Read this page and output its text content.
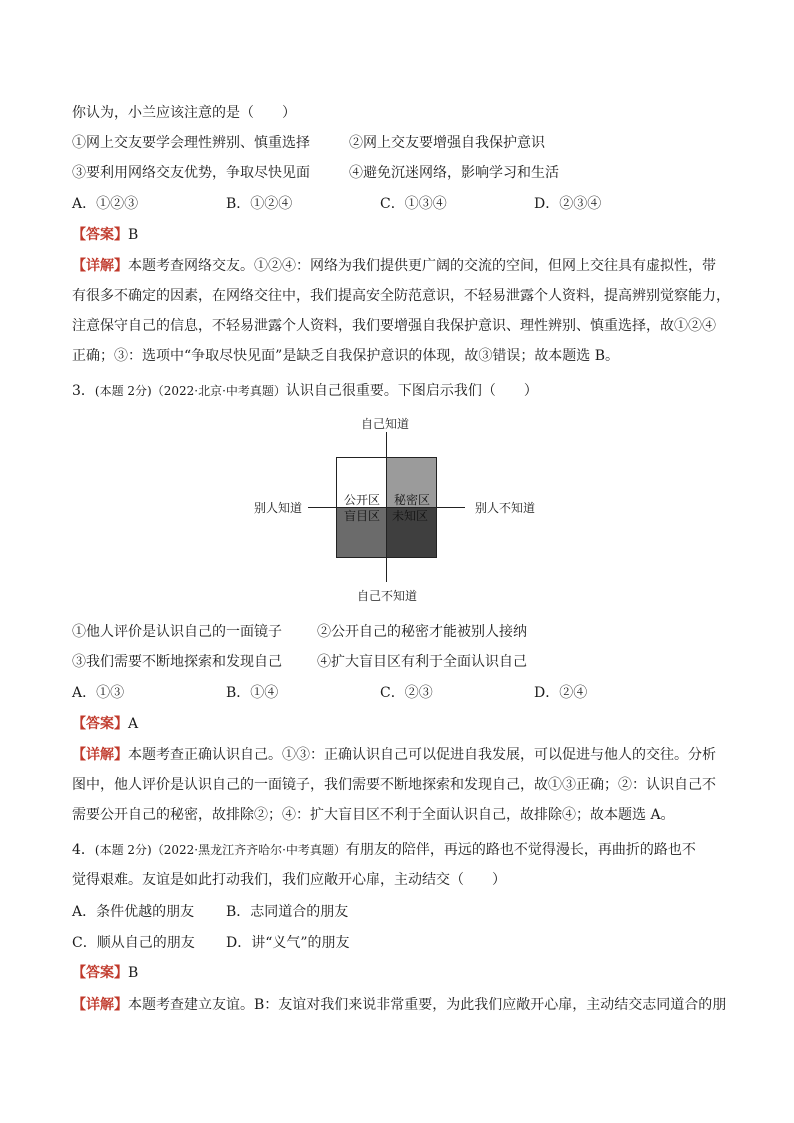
你认为，小兰应该注意的是（　　）
①网上交友要学会理性辨别、慎重选择	②网上交友要增强自我保护意识
③要利用网络交友优势，争取尽快见面	④避免沉迷网络，影响学习和生活
A．①②③	B．①②④	C．①③④	D．②③④
【答案】B

【详解】本题考查网络交友。①②④：网络为我们提供更广阔的交流的空间，但网上交往具有虚拟性，带

有很多不确定的因素，在网络交往中，我们提高安全防范意识，不轻易泄露个人资料，提高辨别觉察能力，

注意保守自己的信息，不轻易泄露个人资料，我们要增强自我保护意识、理性辨别、慎重选择，故①②④

正确；③：选项中“争取尽快见面”是缺乏自我保护意识的体现，故③错误；故本题选 B。

3．(本题 2分)（2022·北京·中考真题）认识自己很重要。下图启示我们（　　）
公开区 秘密区
盲目区 未知区
自己知道
自己不知道
别人知道	别人不知道
①他人评价是认识自己的一面镜子	②公开自己的秘密才能被别人接纳
③我们需要不断地探索和发现自己	④扩大盲目区有利于全面认识自己
A．①③	B．①④	C．②③	D．②④
【答案】A

【详解】本题考查正确认识自己。①③：正确认识自己可以促进自我发展，可以促进与他人的交往。分析

图中，他人评价是认识自己的一面镜子，我们需要不断地探索和发现自己，故①③正确；②：认识自己不

需要公开自己的秘密，故排除②；④：扩大盲目区不利于全面认识自己，故排除④；故本题选 A。

4．(本题 2分)（2022·黑龙江齐齐哈尔·中考真题）有朋友的陪伴，再远的路也不觉得漫长，再曲折的路也不
觉得艰难。友谊是如此打动我们，我们应敞开心扉，主动结交（　　）
A．条件优越的朋友 B．志同道合的朋友
C．顺从自己的朋友 D．讲“义气”的朋友
【答案】B
【详解】本题考查建立友谊。B：友谊对我们来说非常重要，为此我们应敞开心扉，主动结交志同道合的朋
